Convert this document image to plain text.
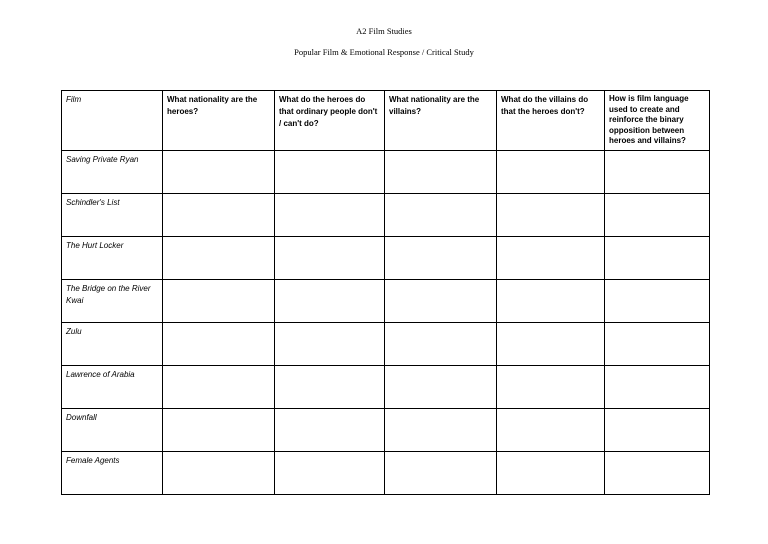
A2 Film Studies
Popular Film & Emotional Response / Critical Study
Film	What nationality are the heroes?	What do the heroes do that ordinary people don't / can't do?	What nationality are the villains?	What do the villains do that the heroes don't?	How is film language used to create and reinforce the binary opposition between heroes and villains?
Saving Private Ryan					
Schindler's List					
The Hurt Locker					
The Bridge on the River Kwai					
Zulu					
Lawrence of Arabia					
Downfall					
Female Agents					
